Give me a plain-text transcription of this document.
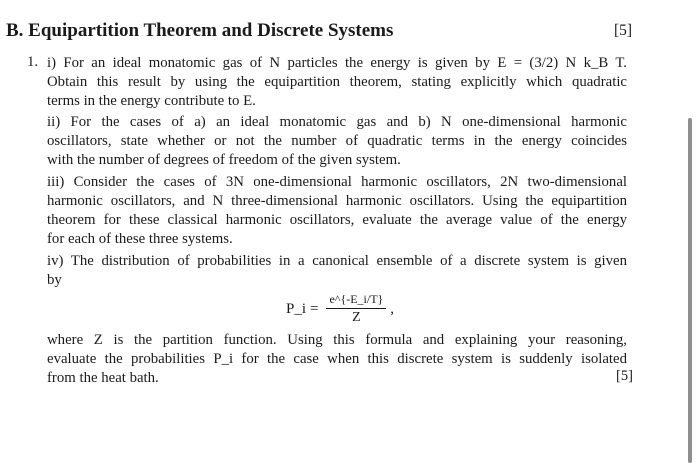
B. Equipartition Theorem and Discrete Systems	[5]
1. i) For an ideal monatomic gas of N particles the energy is given by E = (3/2) N k_B T.
Obtain this result by using the equipartition theorem, stating explicitly which quadratic
terms in the energy contribute to E.
ii) For the cases of a) an ideal monatomic gas and b) N one-dimensional harmonic
oscillators, state whether or not the number of quadratic terms in the energy coincides
with the number of degrees of freedom of the given system.
iii) Consider the cases of 3N one-dimensional harmonic oscillators, 2N two-dimensional
harmonic oscillators, and N three-dimensional harmonic oscillators. Using the equipartition
theorem for these classical harmonic oscillators, evaluate the average value of the energy
for each of these three systems.
iv) The distribution of probabilities in a canonical ensemble of a discrete system is given
by
P_i = $\frac{e\^{}\{-E\_i/T\}}{Z}$ ,
where Z is the partition function. Using this formula and explaining your reasoning,
evaluate the probabilities P_i for the case when this discrete system is suddenly isolated
from the heat bath.	[5]
